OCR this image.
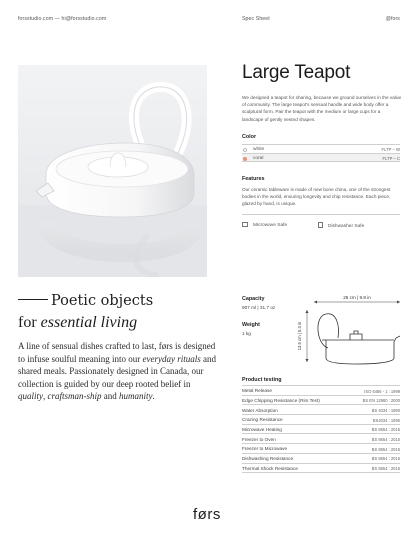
forsstudio.com — hi@forsstudio.com	Spec Sheet	@fors
Large Teapot

We designed a teapot for sharing, because we ground ourselves in the value of community. The large teapot's sensual handle and wide body offer a sculptural form. Pair the teapot with the medium or large cups for a landscape of gently nested shapes.

Color
white	FLTP – W
coral	FLTP – C
Features

Our ceramic tableware is made of new bone china, one of the strongest bodies in the world, ensuring longevity and chip resistance. Each piece, glazed by hand, is unique.

Microwave Safe	Dishwasher Safe
Poetic objects
for essential living

A line of sensual dishes crafted to last, førs is designed to infuse soulful meaning into our everyday rituals and shared meals. Passionately designed in Canada, our collection is guided by our deep rooted belief in quality, craftsman-ship and humanity.

Capacity
907 ml | 31.7 oz
Weight
1 kg
25 cm | 9.8 in
13.5 cm | 5.3 in
Product testing
Metal Release	ISO 6486 - 1 : 1999
Edge Chipping Resistance (Rim Test)	BS EN 12980 : 2000
Water Absorption	BS 4034 : 1990
Crazing Resistance	BS4034 : 1990
Microwave Heating	BS 8654 : 2015
Freezer to Oven	BS 8654 : 2015
Freezer to Microwave	BS 8654 : 2015
Dishwashing Resistance	BS 8654 : 2015
Thermal Shock Resistance	BS 8654 : 2015
førs
